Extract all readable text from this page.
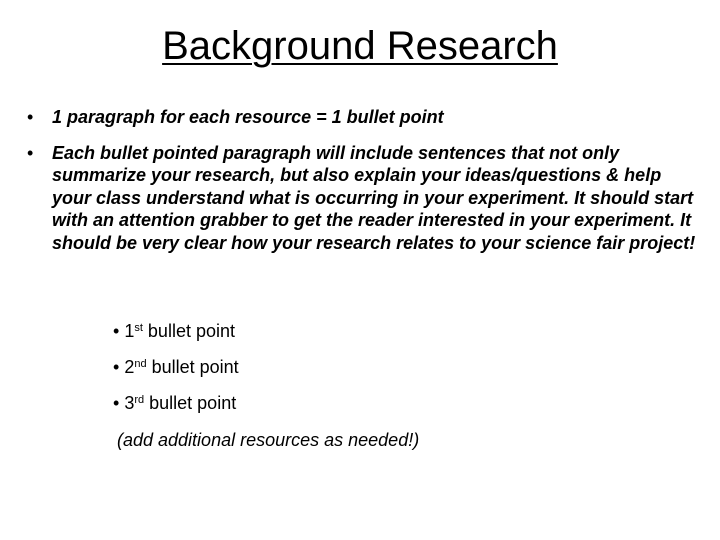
Background Research
• 1 paragraph for each resource = 1 bullet point
• Each bullet pointed paragraph will include sentences that not only summarize your research, but also explain your ideas/questions & help your class understand what is occurring in your experiment. It should start with an attention grabber to get the reader interested in your experiment. It should be very clear how your research relates to your science fair project!
• 1st bullet point
• 2nd bullet point
• 3rd bullet point
(add additional resources as needed!)
